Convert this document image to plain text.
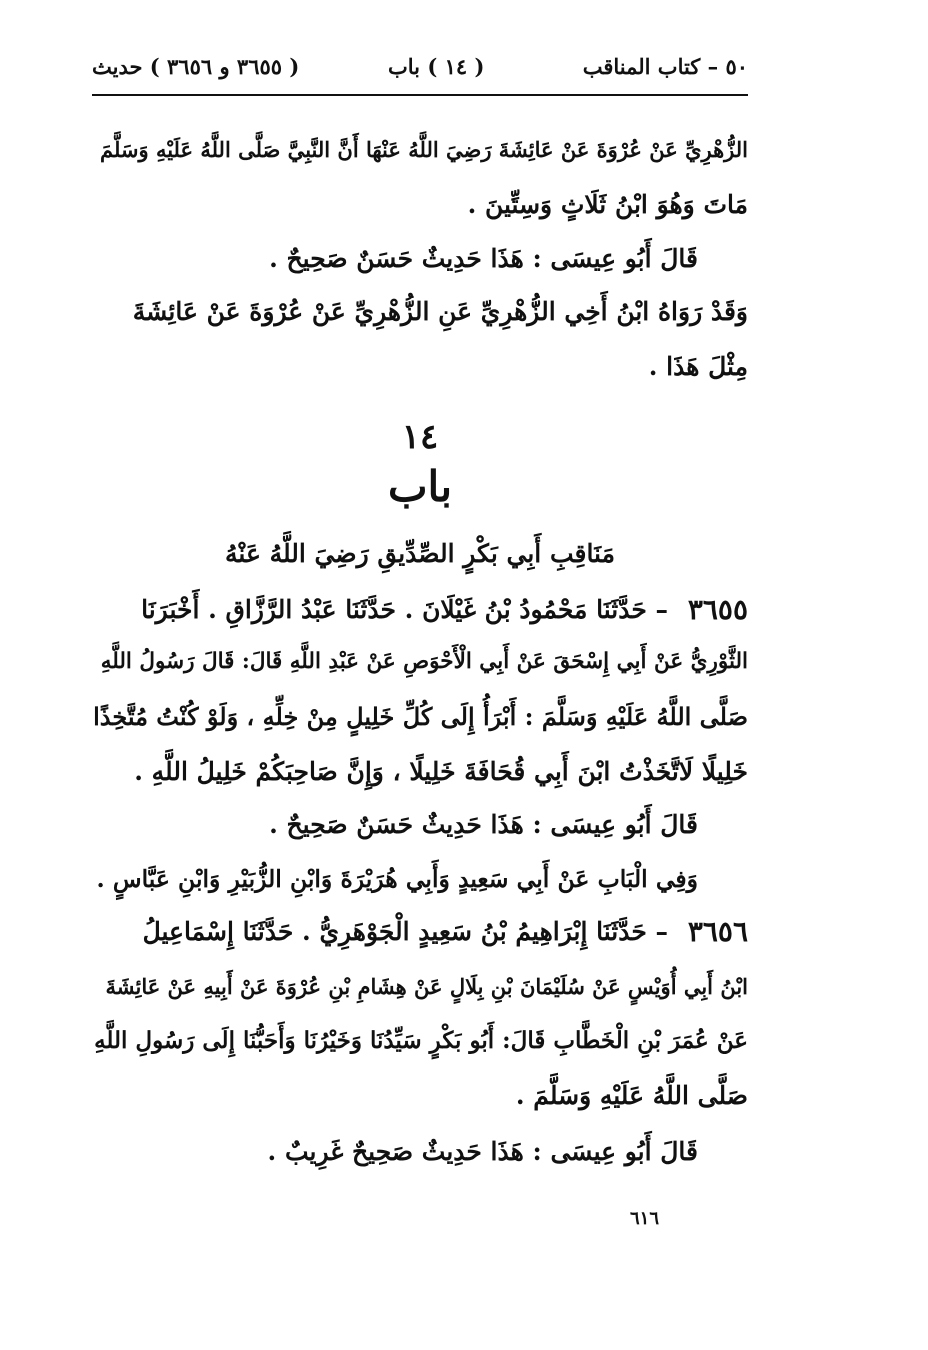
٥٠ – كتاب المناقب
( ١٤ ) باب
( ٣٦٥٥ و ٣٦٥٦ ) حديث
الزُّهْرِيِّ عَنْ عُرْوَةَ عَنْ عَائِشَةَ رَضِيَ اللَّهُ عَنْهَا أَنَّ النَّبِيَّ صَلَّى اللَّهُ عَلَيْهِ وَسَلَّمَ
مَاتَ وَهُوَ ابْنُ ثَلَاثٍ وَسِتِّينَ .
قَالَ أَبُو عِيسَى : هَذَا حَدِيثٌ حَسَنٌ صَحِيحٌ .
وَقَدْ رَوَاهُ ابْنُ أَخِي الزُّهْرِيِّ عَنِ الزُّهْرِيِّ عَنْ عُرْوَةَ عَنْ عَائِشَةَ
مِثْلَ هَذَا .
١٤
باب
مَنَاقِبِ أَبِي بَكْرٍ الصِّدِّيقِ رَضِيَ اللَّهُ عَنْهُ
٣٦٥٥
– حَدَّثَنَا مَحْمُودُ بْنُ غَيْلَانَ . حَدَّثَنَا عَبْدُ الرَّزَّاقِ . أَخْبَرَنَا
الثَّوْرِيُّ عَنْ أَبِي إِسْحَقَ عَنْ أَبِي الْأَحْوَصِ عَنْ عَبْدِ اللَّهِ قَالَ: قَالَ رَسُولُ اللَّهِ
صَلَّى اللَّهُ عَلَيْهِ وَسَلَّمَ : أَبْرَأُ إِلَى كُلِّ خَلِيلٍ مِنْ خِلِّهِ ، وَلَوْ كُنْتُ مُتَّخِذًا
خَلِيلًا لَاتَّخَذْتُ ابْنَ أَبِي قُحَافَةَ خَلِيلًا ، وَإِنَّ صَاحِبَكُمْ خَلِيلُ اللَّهِ .
قَالَ أَبُو عِيسَى : هَذَا حَدِيثٌ حَسَنٌ صَحِيحٌ .
وَفِي الْبَابِ عَنْ أَبِي سَعِيدٍ وَأَبِي هُرَيْرَةَ وَابْنِ الزُّبَيْرِ وَابْنِ عَبَّاسٍ .
٣٦٥٦
– حَدَّثَنَا إِبْرَاهِيمُ بْنُ سَعِيدٍ الْجَوْهَرِيُّ . حَدَّثَنَا إِسْمَاعِيلُ
ابْنُ أَبِي أُوَيْسٍ عَنْ سُلَيْمَانَ بْنِ بِلَالٍ عَنْ هِشَامِ بْنِ عُرْوَةَ عَنْ أَبِيهِ عَنْ عَائِشَةَ
عَنْ عُمَرَ بْنِ الْخَطَّابِ قَالَ: أَبُو بَكْرٍ سَيِّدُنَا وَخَيْرُنَا وَأَحَبُّنَا إِلَى رَسُولِ اللَّهِ
صَلَّى اللَّهُ عَلَيْهِ وَسَلَّمَ .
قَالَ أَبُو عِيسَى : هَذَا حَدِيثٌ صَحِيحٌ غَرِيبٌ .
٦١٦
